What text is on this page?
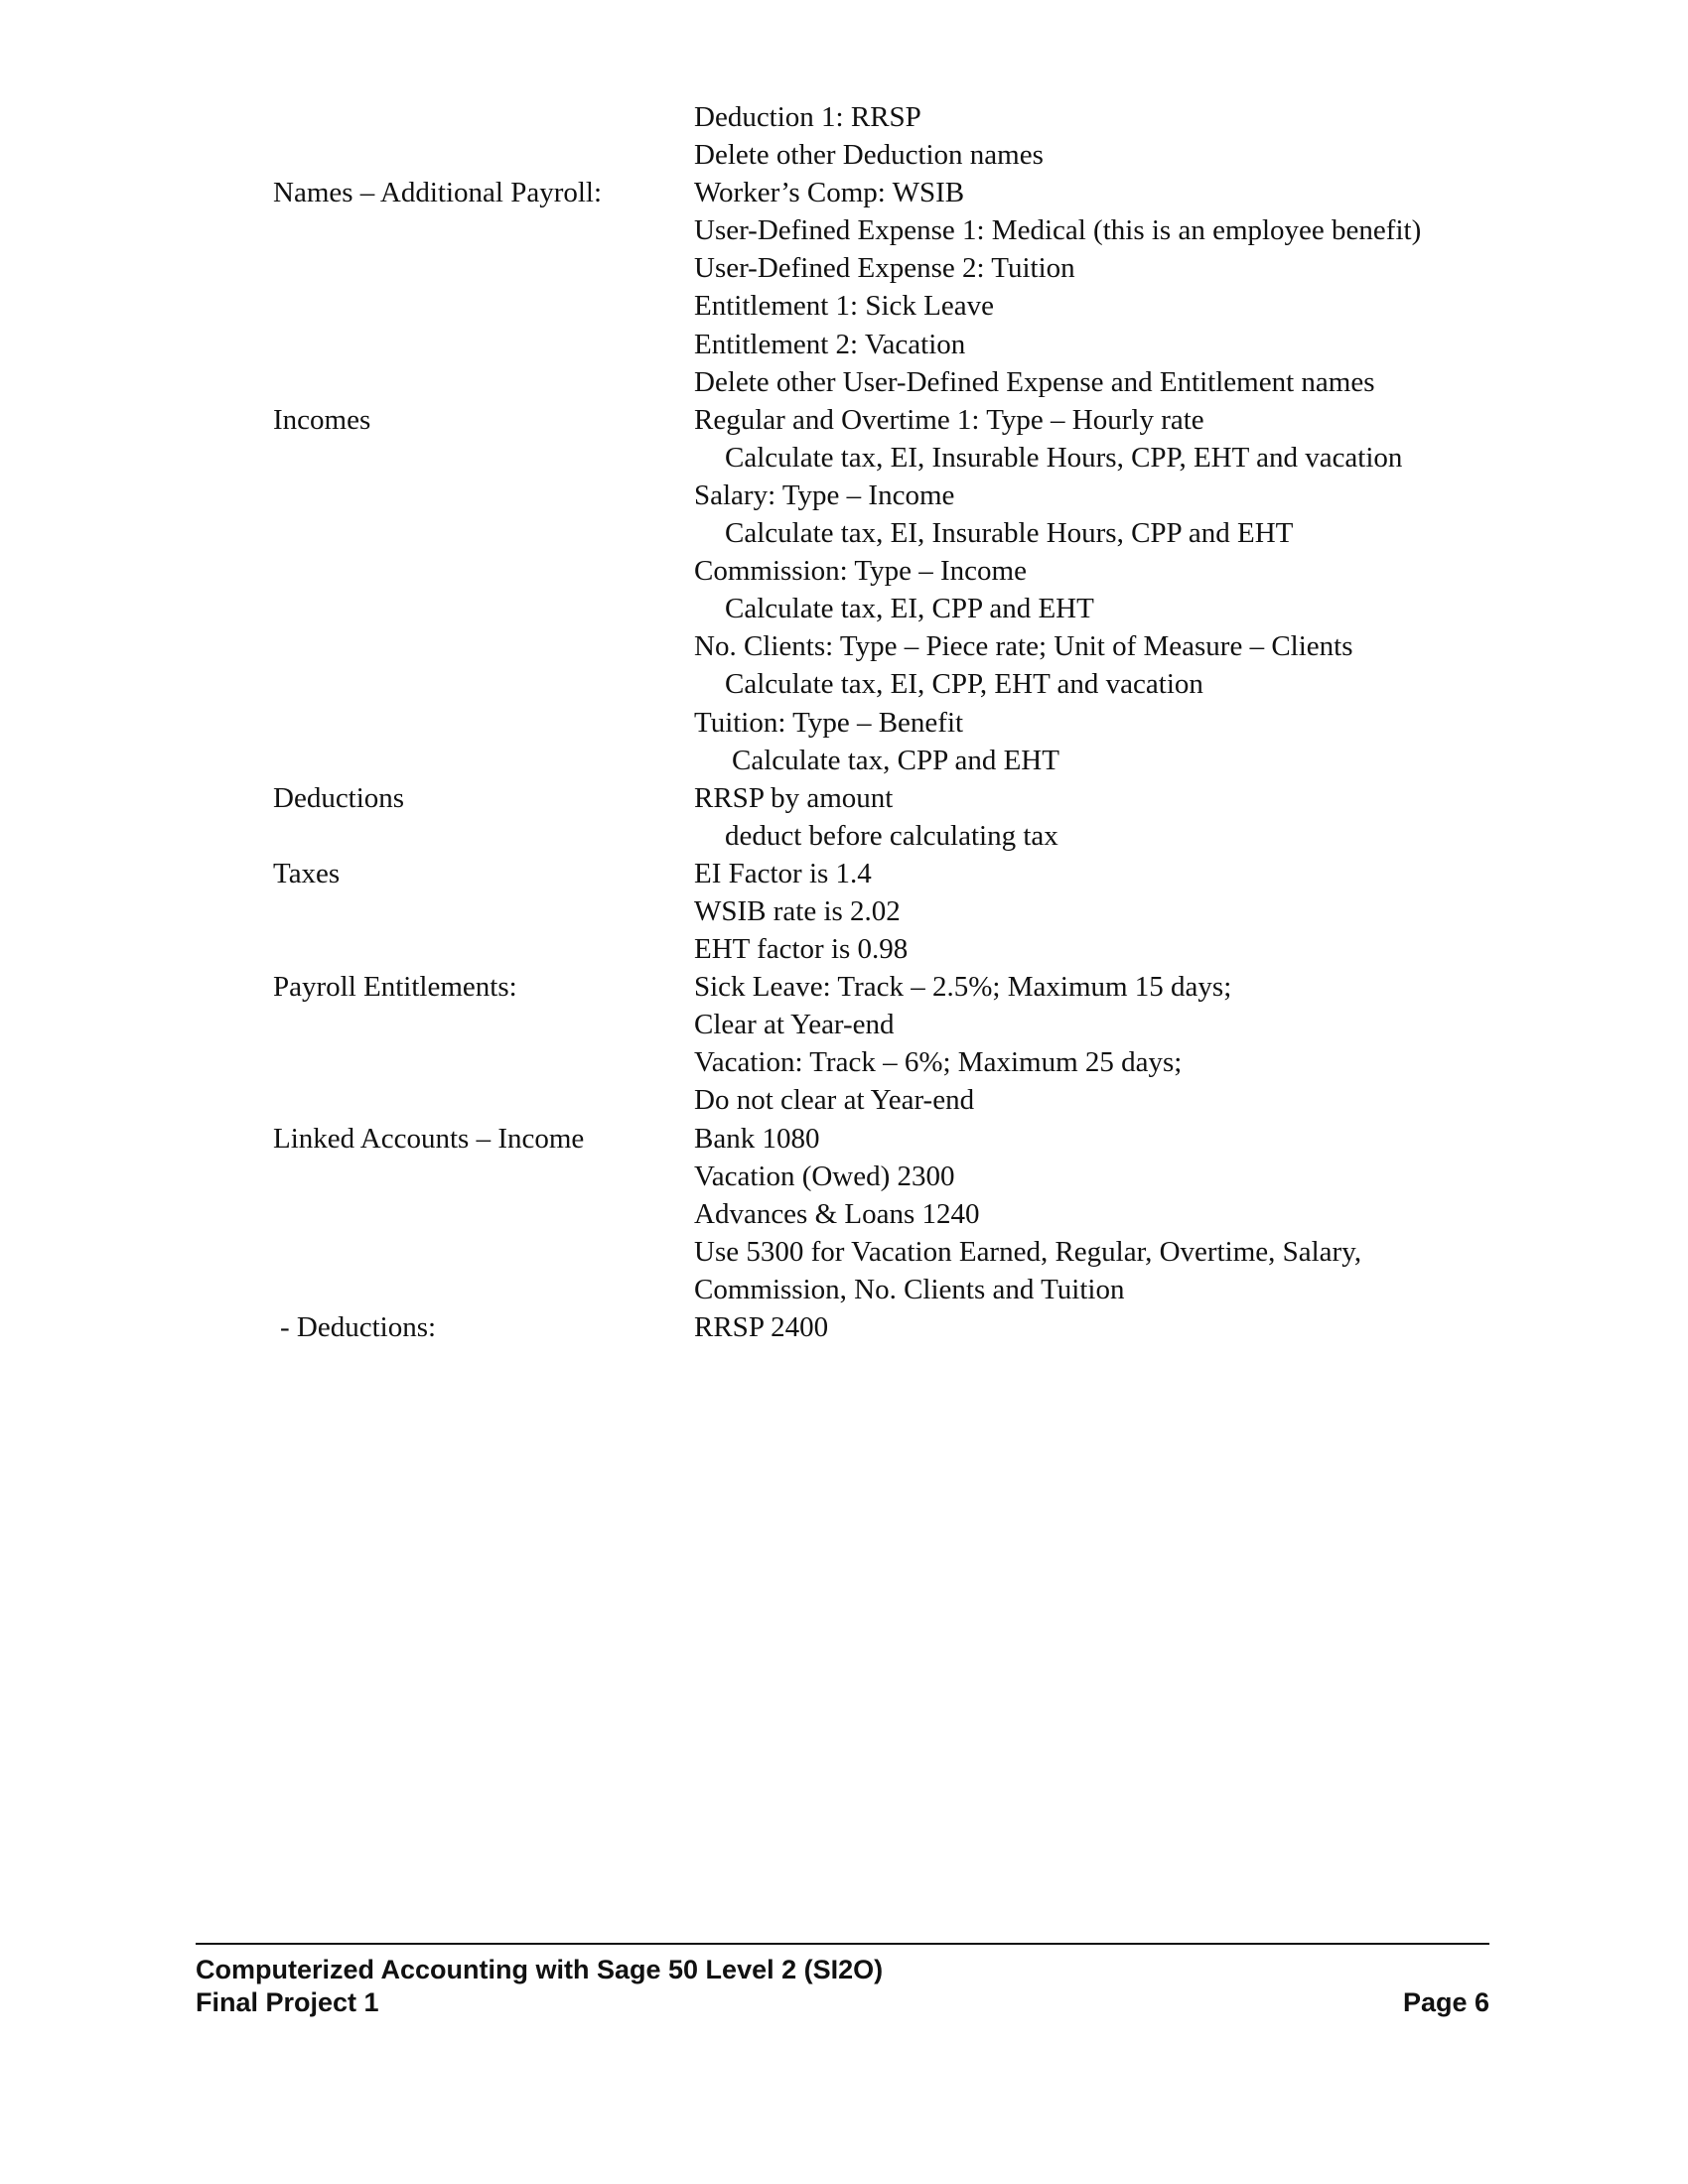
Deduction 1: RRSP
Delete other Deduction names
Names – Additional Payroll:	Worker’s Comp: WSIB
User-Defined Expense 1: Medical (this is an employee benefit)
User-Defined Expense 2: Tuition
Entitlement 1: Sick Leave
Entitlement 2: Vacation
Delete other User-Defined Expense and Entitlement names
Incomes	Regular and Overtime 1: Type – Hourly rate
Calculate tax, EI, Insurable Hours, CPP, EHT and vacation
Salary: Type – Income
Calculate tax, EI, Insurable Hours, CPP and EHT
Commission: Type – Income
Calculate tax, EI, CPP and EHT
No. Clients: Type – Piece rate; Unit of Measure – Clients
Calculate tax, EI, CPP, EHT and vacation
Tuition: Type – Benefit
Calculate tax, CPP and EHT
Deductions	RRSP by amount
deduct before calculating tax
Taxes	EI Factor is 1.4
WSIB rate is 2.02
EHT factor is 0.98
Payroll Entitlements:	Sick Leave: Track – 2.5%; Maximum 15 days;
Clear at Year-end
Vacation: Track – 6%; Maximum 25 days;
Do not clear at Year-end
Linked Accounts – Income	Bank 1080
Vacation (Owed) 2300
Advances & Loans 1240
Use 5300 for Vacation Earned, Regular, Overtime, Salary,
Commission, No. Clients and Tuition
- Deductions:	RRSP 2400
Computerized Accounting with Sage 50 Level 2 (SI2O)
Final Project 1	Page 6
